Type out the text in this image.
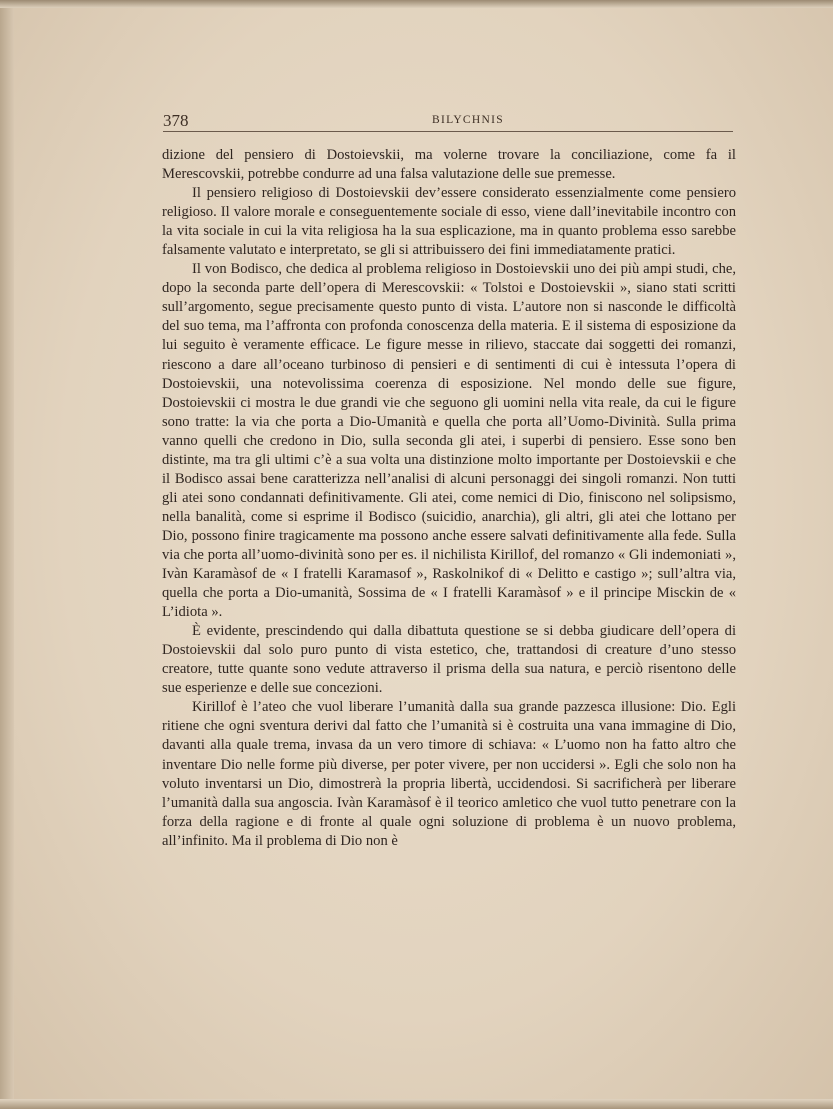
378	BILYCHNIS

dizione del pensiero di Dostoievskii, ma volerne trovare la conciliazione, come fa il Merescovskii, potrebbe condurre ad una falsa valutazione delle sue premesse.

Il pensiero religioso di Dostoievskii dev’essere considerato essenzialmente come pensiero religioso. Il valore morale e conseguentemente sociale di esso, viene dall’inevitabile incontro con la vita sociale in cui la vita religiosa ha la sua esplicazione, ma in quanto problema esso sarebbe falsamente valutato e interpretato, se gli si attribuissero dei fini immediatamente pratici.

Il von Bodisco, che dedica al problema religioso in Dostoievskii uno dei più ampi studi, che, dopo la seconda parte dell’opera di Merescovskii: « Tolstoi e Dostoievskii », siano stati scritti sull’argomento, segue precisamente questo punto di vista. L’autore non si nasconde le difficoltà del suo tema, ma l’affronta con profonda conoscenza della materia. E il sistema di esposizione da lui seguito è veramente efficace. Le figure messe in rilievo, staccate dai soggetti dei romanzi, riescono a dare all’oceano turbinoso di pensieri e di sentimenti di cui è intessuta l’opera di Dostoievskii, una notevolissima coerenza di esposizione. Nel mondo delle sue figure, Dostoievskii ci mostra le due grandi vie che seguono gli uomini nella vita reale, da cui le figure sono tratte: la via che porta a Dio-Umanità e quella che porta all’Uomo-Divinità. Sulla prima vanno quelli che credono in Dio, sulla seconda gli atei, i superbi di pensiero. Esse sono ben distinte, ma tra gli ultimi c’è a sua volta una distinzione molto importante per Dostoievskii e che il Bodisco assai bene caratterizza nell’analisi di alcuni personaggi dei singoli romanzi. Non tutti gli atei sono condannati definitivamente. Gli atei, come nemici di Dio, finiscono nel solipsismo, nella banalità, come si esprime il Bodisco (suicidio, anarchia), gli altri, gli atei che lottano per Dio, possono finire tragicamente ma possono anche essere salvati definitivamente alla fede. Sulla via che porta all’uomo-divinità sono per es. il nichilista Kirillof, del romanzo « Gli indemoniati », Ivàn Karamàsof de « I fratelli Karamasof », Raskolnikof di « Delitto e castigo »; sull’altra via, quella che porta a Dio-umanità, Sossima de « I fratelli Karamàsof » e il principe Misckin de « L’idiota ».

È evidente, prescindendo qui dalla dibattuta questione se si debba giudicare dell’opera di Dostoievskii dal solo puro punto di vista estetico, che, trattandosi di creature d’uno stesso creatore, tutte quante sono vedute attraverso il prisma della sua natura, e perciò risentono delle sue esperienze e delle sue concezioni.

Kirillof è l’ateo che vuol liberare l’umanità dalla sua grande pazzesca illusione: Dio. Egli ritiene che ogni sventura derivi dal fatto che l’umanità si è costruita una vana immagine di Dio, davanti alla quale trema, invasa da un vero timore di schiava: « L’uomo non ha fatto altro che inventare Dio nelle forme più diverse, per poter vivere, per non uccidersi ». Egli che solo non ha voluto inventarsi un Dio, dimostrerà la propria libertà, uccidendosi. Si sacrificherà per liberare l’umanità dalla sua angoscia. Ivàn Karamàsof è il teorico amletico che vuol tutto penetrare con la forza della ragione e di fronte al quale ogni soluzione di problema è un nuovo problema, all’infinito. Ma il problema di Dio non è
